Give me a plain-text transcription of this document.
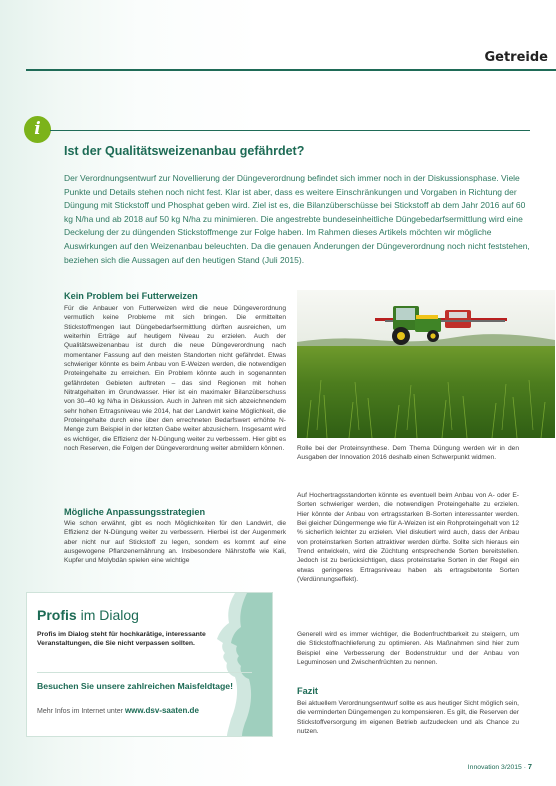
Getreide
i
Ist der Qualitätsweizenanbau gefährdet?

Der Verordnungsentwurf zur Novellierung der Düngeverordnung befindet sich immer noch in der Diskussionsphase. Viele Punkte und Details stehen noch nicht fest. Klar ist aber, dass es weitere Einschränkungen und Vorgaben in Richtung der Düngung mit Stickstoff und Phosphat geben wird. Ziel ist es, die Bilanzüberschüsse bei Stickstoff ab dem Jahr 2016 auf 60 kg N/ha und ab 2018 auf 50 kg N/ha zu minimieren. Die angestrebte bundeseinheitliche Düngebedarfsermittlung wird eine Deckelung der zu düngenden Stickstoffmenge zur Folge haben. Im Rahmen dieses Artikels möchten wir mögliche Auswirkungen auf den Weizenanbau beleuchten. Da die genauen Änderungen der Düngeverordnung noch nicht feststehen, beziehen sich die Aussagen auf den heutigen Stand (Juli 2015).

Kein Problem bei Futterweizen

Für die Anbauer von Futterweizen wird die neue Düngeverordnung vermutlich keine Probleme mit sich bringen. Die ermittelten Stickstoffmengen laut Düngebedarfsermittlung dürften ausreichen, um weiterhin Erträge auf heutigem Niveau zu erzielen. Auch der Qualitätsweizenanbau ist durch die neue Düngeverordnung nach momentaner Fassung auf den meisten Standorten nicht gefährdet. Etwas schwieriger könnte es beim Anbau von E-Weizen werden, die notwendigen Proteingehalte zu erreichen. Ein Problem könnte auch in sogenannten gefährdeten Gebieten auftreten – das sind Regionen mit hohen Nitratgehalten im Grundwasser. Hier ist ein maximaler Bilanzüberschuss von 30–40 kg N/ha in Diskussion. Auch in Jahren mit sich abzeichnendem sehr hohen Ertragsniveau wie 2014, hat der Landwirt keine Möglichkeit, die Proteingehalte durch eine über den errechneten Bedarfswert erhöhte N-Menge zum Beispiel in der letzten Gabe weiter abzusichern. Insgesamt wird es wichtiger, die Effizienz der N-Düngung weiter zu verbessern. Hier gibt es noch Reserven, die Folgen der Düngeverordnung weiter abmildern können.

Mögliche Anpassungsstrategien

Wie schon erwähnt, gibt es noch Möglichkeiten für den Landwirt, die Effizienz der N-Düngung weiter zu verbessern. Hierbei ist der Augenmerk aber nicht nur auf Stickstoff zu legen, sondern es kommt auf eine ausgewogene Pflanzenernährung an. Insbesondere Nährstoffe wie Kali, Kupfer und Molybdän spielen eine wichtige

Rolle bei der Proteinsynthese. Dem Thema Düngung werden wir in den Ausgaben der Innovation 2016 deshalb einen Schwerpunkt widmen.

Auf Hochertragsstandorten könnte es eventuell beim Anbau von A- oder E-Sorten schwieriger werden, die notwendigen Proteingehalte zu erzielen. Hier könnte der Anbau von ertragsstarken B-Sorten interessanter werden. Bei gleicher Düngermenge wie für A-Weizen ist ein Rohproteingehalt von 12 % sicherlich leichter zu erzielen. Viel diskutiert wird auch, dass der Anbau von proteinstarken Sorten attraktiver werden dürfte. Sollte sich hieraus ein Trend entwickeln, wird die Züchtung entsprechende Sorten bereitstellen. Jedoch ist zu berücksichtigen, dass proteinstarke Sorten in der Regel ein etwas geringeres Ertragsniveau haben als ertragsbetonte Sorten (Verdünnungseffekt).

Generell wird es immer wichtiger, die Bodenfruchtbarkeit zu steigern, um die Stickstoffnachlieferung zu optimieren. Als Maßnahmen sind hier zum Beispiel eine Verbesserung der Bodenstruktur und der Anbau von Leguminosen und Zwischenfrüchten zu nennen.

Fazit

Bei aktuellem Verordnungsentwurf sollte es aus heutiger Sicht möglich sein, die verminderten Düngemengen zu kompensieren. Es gilt, die Reserven der Stickstoffversorgung im eigenen Betrieb aufzudecken und als Chance zu nutzen.

Profis im Dialog

Profis im Dialog steht für hochkarätige, interessante Veranstaltungen, die Sie nicht verpassen sollten.

Besuchen Sie unsere zahlreichen Maisfeldtage!
Mehr Infos im Internet unter www.dsv-saaten.de
Innovation 3/2015 · 7
